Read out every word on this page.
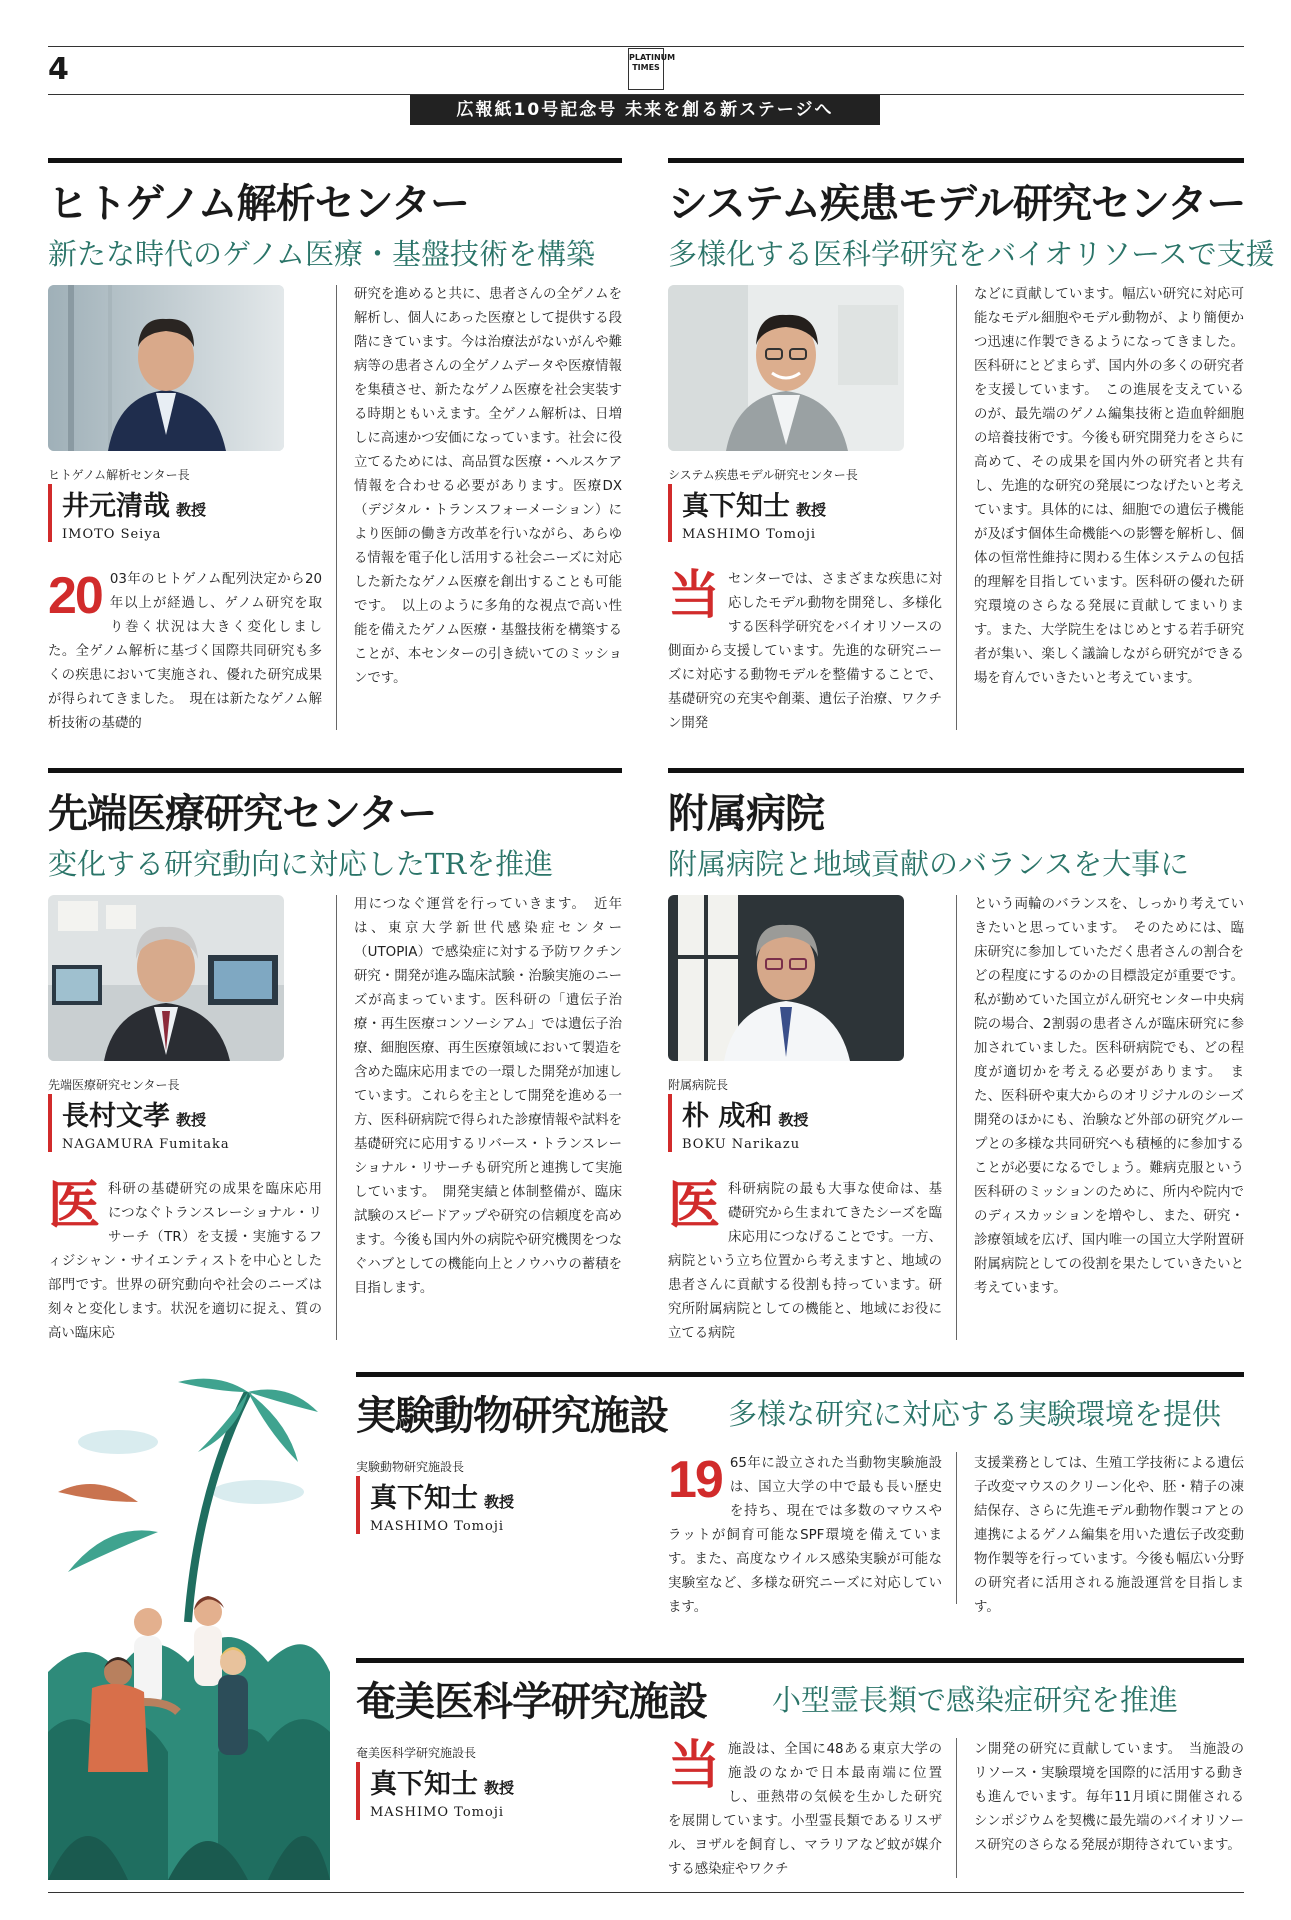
4	PLATINUM TIMES
広報紙10号記念号 未来を創る新ステージへ
ヒトゲノム解析センター
新たな時代のゲノム医療・基盤技術を構築
ヒトゲノム解析センター長
井元清哉 教授
IMOTO Seiya
20 03年のヒトゲノム配列決定から20年以上が経過し、ゲノム研究を取り巻く状況は大きく変化しました。全ゲノム解析に基づく国際共同研究も多くの疾患において実施され、優れた研究成果が得られてきました。　現在は新たなゲノム解析技術の基礎的
研究を進めると共に、患者さんの全ゲノムを解析し、個人にあった医療として提供する段階にきています。今は治療法がないがんや難病等の患者さんの全ゲノムデータや医療情報を集積させ、新たなゲノム医療を社会実装する時期ともいえます。全ゲノム解析は、日増しに高速かつ安価になっています。社会に役立てるためには、高品質な医療・ヘルスケア情報を合わせる必要があります。医療DX（デジタル・トランスフォーメーション）により医師の働き方改革を行いながら、あらゆる情報を電子化し活用する社会ニーズに対応した新たなゲノム医療を創出することも可能です。　以上のように多角的な視点で高い性能を備えたゲノム医療・基盤技術を構築することが、本センターの引き続いてのミッションです。
システム疾患モデル研究センター
多様化する医科学研究をバイオリソースで支援
システム疾患モデル研究センター長
真下知士 教授
MASHIMO Tomoji
当センターでは、さまざまな疾患に対応したモデル動物を開発し、多様化する医科学研究をバイオリソースの側面から支援しています。先進的な研究ニーズに対応する動物モデルを整備することで、基礎研究の充実や創薬、遺伝子治療、ワクチン開発
などに貢献しています。幅広い研究に対応可能なモデル細胞やモデル動物が、より簡便かつ迅速に作製できるようになってきました。医科研にとどまらず、国内外の多くの研究者を支援しています。　この進展を支えているのが、最先端のゲノム編集技術と造血幹細胞の培養技術です。今後も研究開発力をさらに高めて、その成果を国内外の研究者と共有し、先進的な研究の発展につなげたいと考えています。具体的には、細胞での遺伝子機能が及ぼす個体生命機能への影響を解析し、個体の恒常性維持に関わる生体システムの包括的理解を目指しています。医科研の優れた研究環境のさらなる発展に貢献してまいります。また、大学院生をはじめとする若手研究者が集い、楽しく議論しながら研究ができる場を育んでいきたいと考えています。
先端医療研究センター
変化する研究動向に対応したTRを推進
先端医療研究センター長
長村文孝 教授
NAGAMURA Fumitaka
医科研の基礎研究の成果を臨床応用につなぐトランスレーショナル・リサーチ（TR）を支援・実施するフィジシャン・サイエンティストを中心とした部門です。世界の研究動向や社会のニーズは刻々と変化します。状況を適切に捉え、質の高い臨床応
用につなぐ運営を行っていきます。　近年は、東京大学新世代感染症センター（UTOPIA）で感染症に対する予防ワクチン研究・開発が進み臨床試験・治験実施のニーズが高まっています。医科研の「遺伝子治療・再生医療コンソーシアム」では遺伝子治療、細胞医療、再生医療領域において製造を含めた臨床応用までの一環した開発が加速しています。これらを主として開発を進める一方、医科研病院で得られた診療情報や試料を基礎研究に応用するリバース・トランスレーショナル・リサーチも研究所と連携して実施しています。　開発実績と体制整備が、臨床試験のスピードアップや研究の信頼度を高めます。今後も国内外の病院や研究機関をつなぐハブとしての機能向上とノウハウの蓄積を目指します。
附属病院
附属病院と地域貢献のバランスを大事に
附属病院長
朴 成和 教授
BOKU Narikazu
医科研病院の最も大事な使命は、基礎研究から生まれてきたシーズを臨床応用につなげることです。一方、病院という立ち位置から考えますと、地域の患者さんに貢献する役割も持っています。研究所附属病院としての機能と、地域にお役に立てる病院
という両輪のバランスを、しっかり考えていきたいと思っています。　そのためには、臨床研究に参加していただく患者さんの割合をどの程度にするのかの目標設定が重要です。私が勤めていた国立がん研究センター中央病院の場合、2割弱の患者さんが臨床研究に参加されていました。医科研病院でも、どの程度が適切かを考える必要があります。　また、医科研や東大からのオリジナルのシーズ開発のほかにも、治験など外部の研究グループとの多様な共同研究へも積極的に参加することが必要になるでしょう。難病克服という医科研のミッションのために、所内や院内でのディスカッションを増やし、また、研究・診療領域を広げ、国内唯一の国立大学附置研附属病院としての役割を果たしていきたいと考えています。
実験動物研究施設 多様な研究に対応する実験環境を提供
実験動物研究施設長
真下知士 教授
MASHIMO Tomoji
19 65年に設立された当動物実験施設は、国立大学の中で最も長い歴史を持ち、現在では多数のマウスやラットが飼育可能なSPF環境を備えています。また、高度なウイルス感染実験が可能な実験室など、多様な研究ニーズに対応しています。
支援業務としては、生殖工学技術による遺伝子改変マウスのクリーン化や、胚・精子の凍結保存、さらに先進モデル動物作製コアとの連携によるゲノム編集を用いた遺伝子改変動物作製等を行っています。今後も幅広い分野の研究者に活用される施設運営を目指します。
奄美医科学研究施設 小型霊長類で感染症研究を推進
奄美医科学研究施設長
真下知士 教授
MASHIMO Tomoji
当施設は、全国に48ある東京大学の施設のなかで日本最南端に位置し、亜熱帯の気候を生かした研究を展開しています。小型霊長類であるリスザル、ヨザルを飼育し、マラリアなど蚊が媒介する感染症やワクチ
ン開発の研究に貢献しています。　当施設のリソース・実験環境を国際的に活用する動きも進んでいます。毎年11月頃に開催されるシンポジウムを契機に最先端のバイオリソース研究のさらなる発展が期待されています。
